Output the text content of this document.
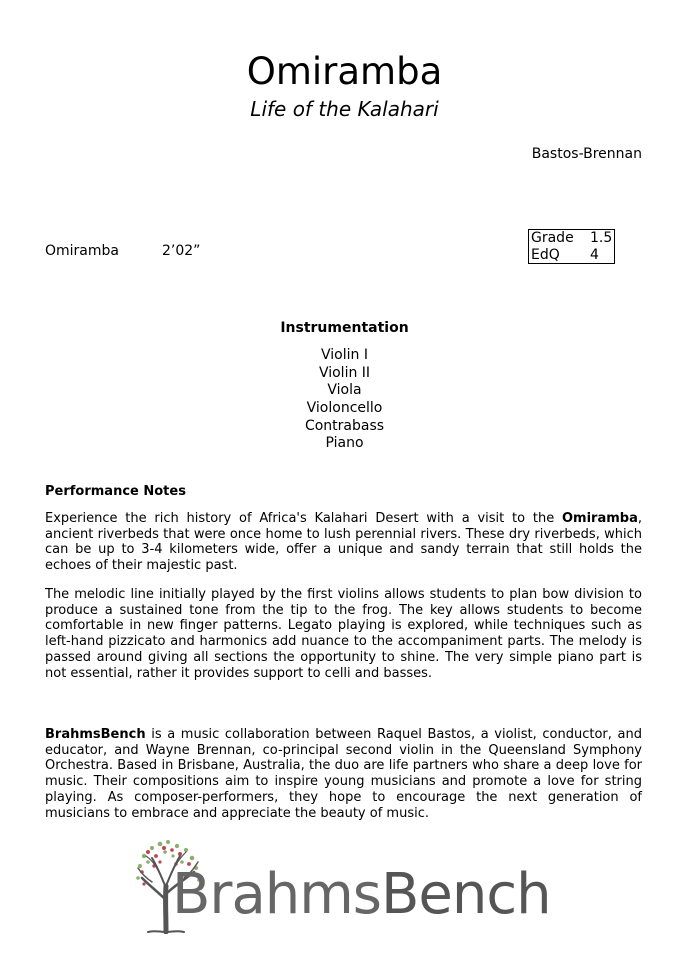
Omiramba
Life of the Kalahari
Bastos-Brennan
Omiramba	2’02”
Grade 1.5
EdQ 4
Instrumentation
Violin I
Violin II
Viola
Violoncello
Contrabass
Piano
Performance Notes

Experience the rich history of Africa's Kalahari Desert with a visit to the Omiramba, ancient riverbeds that were once home to lush perennial rivers. These dry riverbeds, which can be up to 3-4 kilometers wide, offer a unique and sandy terrain that still holds the echoes of their majestic past.

The melodic line initially played by the first violins allows students to plan bow division to produce a sustained tone from the tip to the frog. The key allows students to become comfortable in new finger patterns. Legato playing is explored, while techniques such as left-hand pizzicato and harmonics add nuance to the accompaniment parts. The melody is passed around giving all sections the opportunity to shine. The very simple piano part is not essential, rather it provides support to celli and basses.

BrahmsBench is a music collaboration between Raquel Bastos, a violist, conductor, and educator, and Wayne Brennan, co-principal second violin in the Queensland Symphony Orchestra. Based in Brisbane, Australia, the duo are life partners who share a deep love for music. Their compositions aim to inspire young musicians and promote a love for string playing. As composer-performers, they hope to encourage the next generation of musicians to embrace and appreciate the beauty of music.

BrahmsBench
